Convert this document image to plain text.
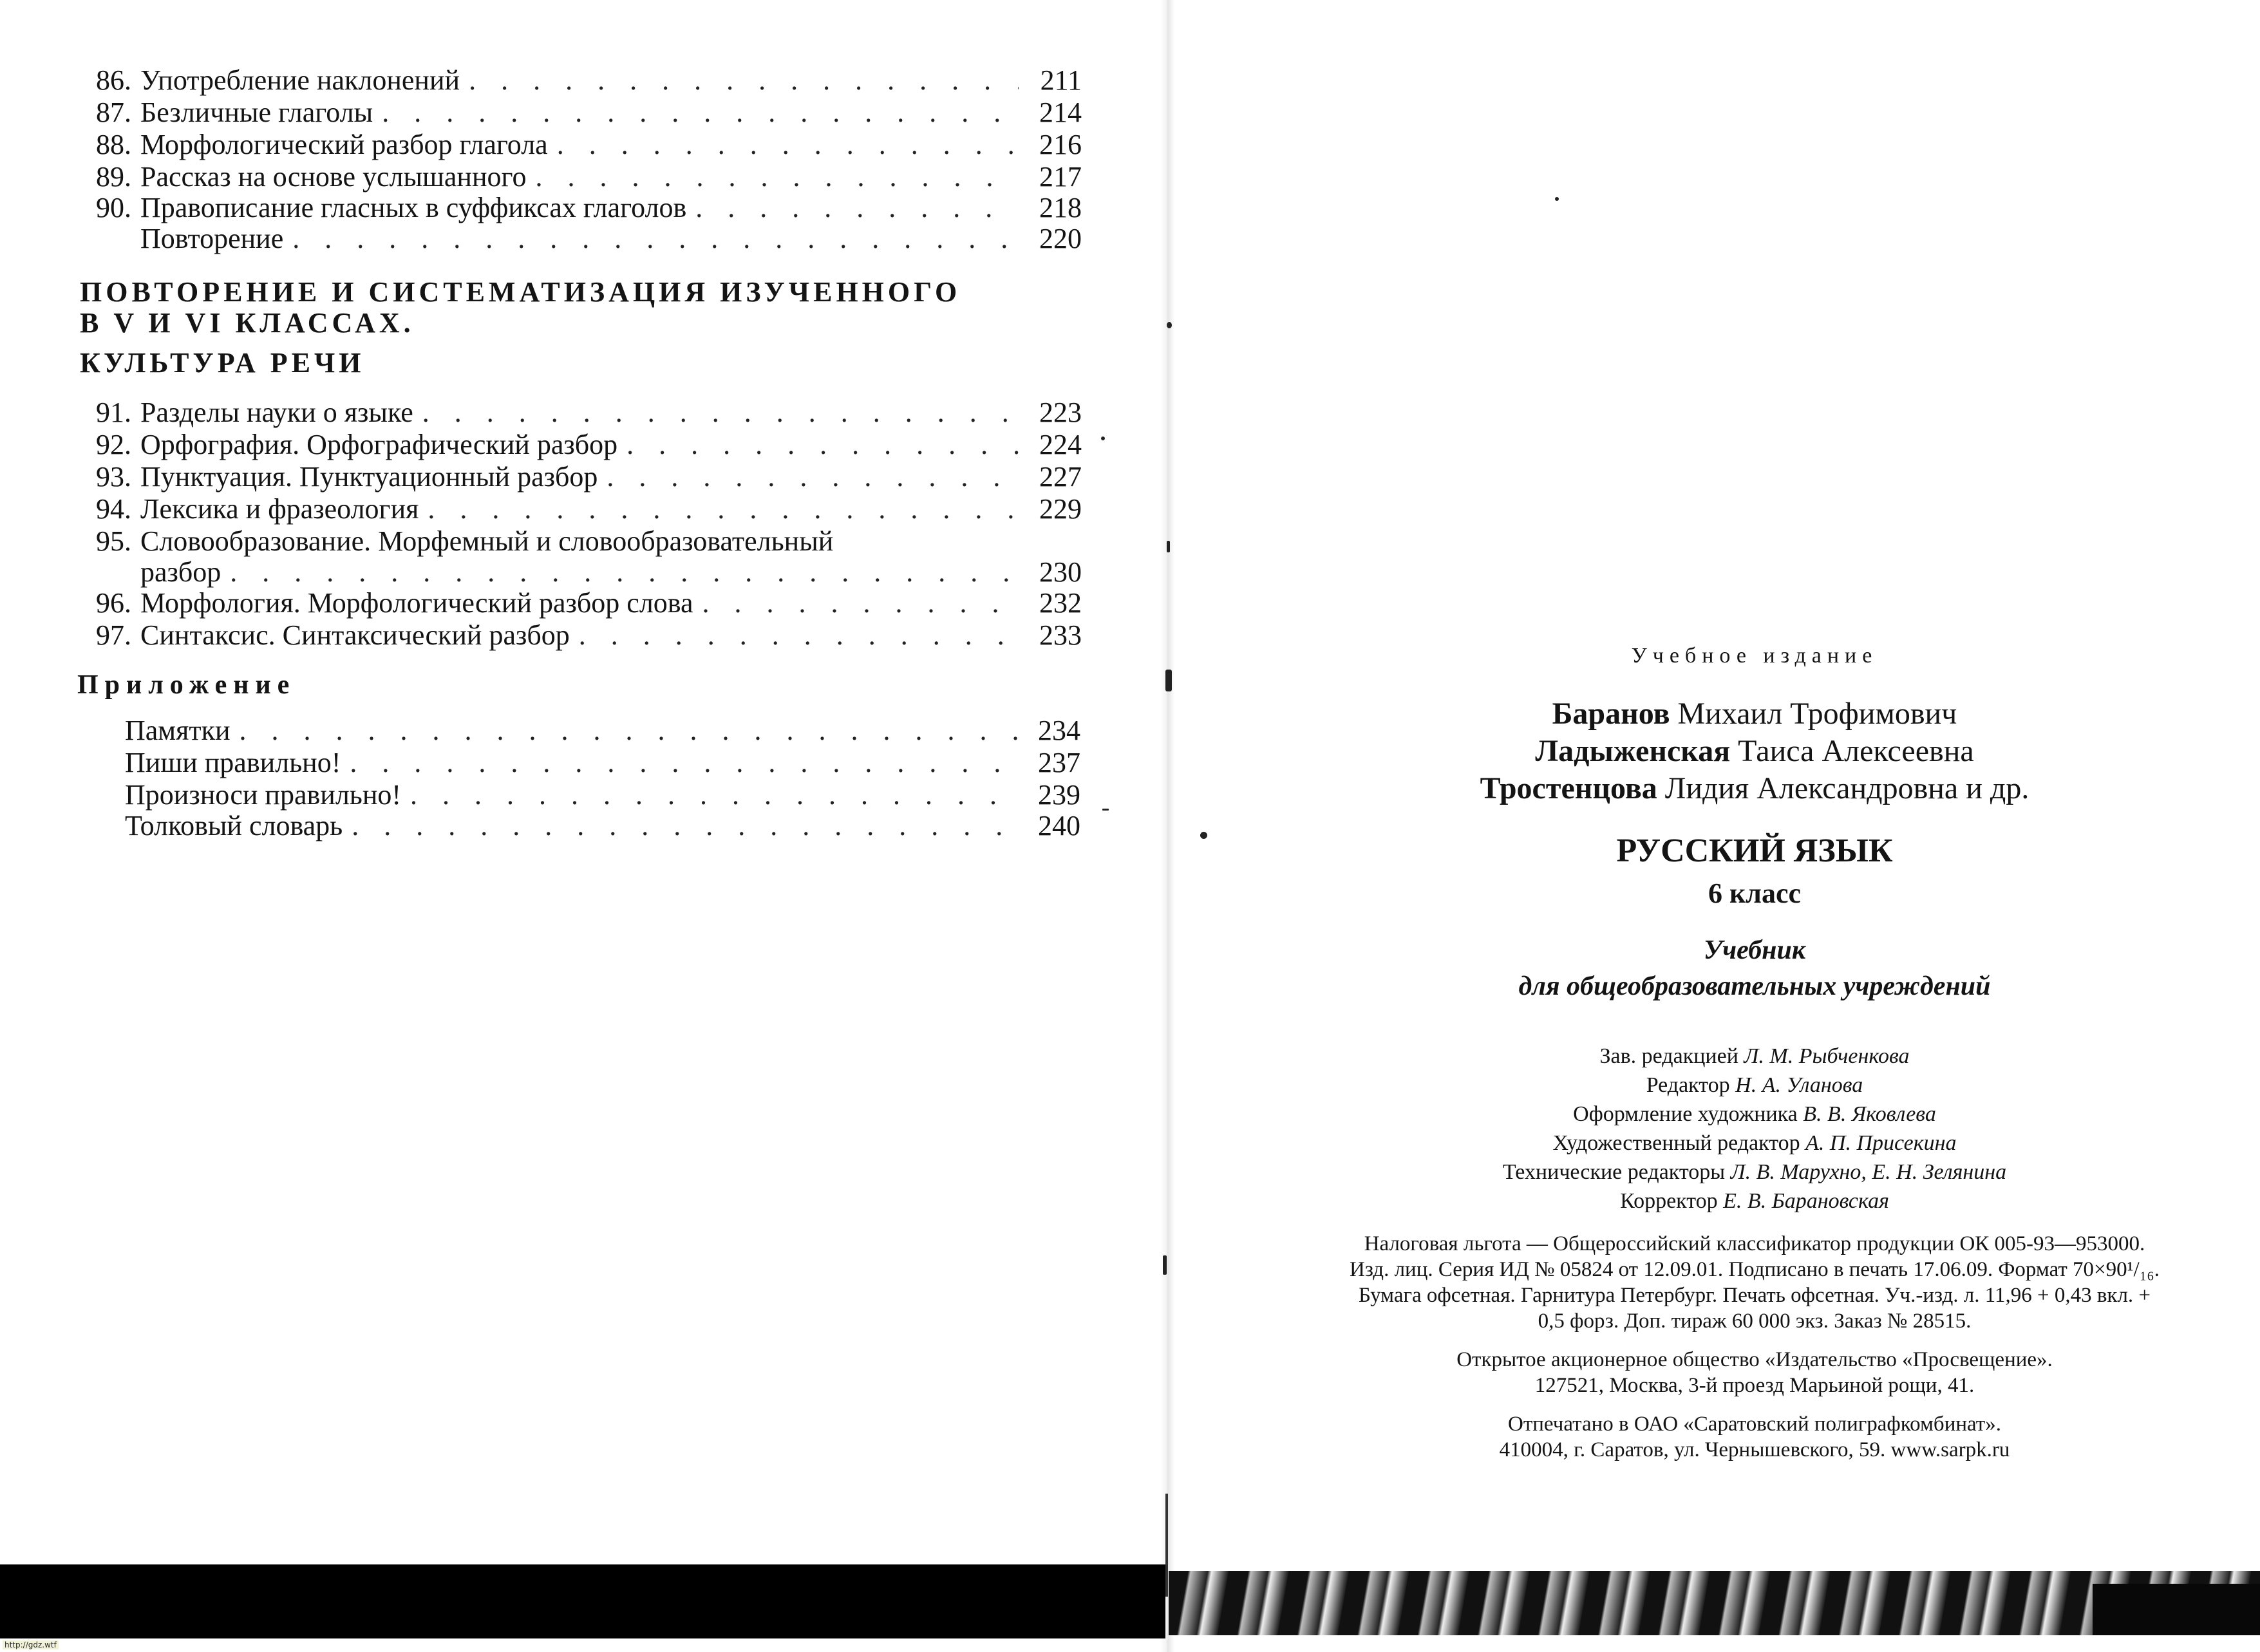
86. Употребление наклонений . . .	211
87. Безличные глаголы . . .	214
88. Морфологический разбор глагола . . .	216
89. Рассказ на основе услышанного . . .	217
90. Правописание гласных в суффиксах глаголов . . .	218
Повторение . . .	220
ПОВТОРЕНИЕ И СИСТЕМАТИЗАЦИЯ ИЗУЧЕННОГО
В V И VI КЛАССАХ.
КУЛЬТУРА РЕЧИ
91. Разделы науки о языке . . .	223
92. Орфография. Орфографический разбор . . .	224
93. Пунктуация. Пунктуационный разбор . . .	227
94. Лексика и фразеология . . .	229
95. Словообразование. Морфемный и словообразовательный
разбор . . .	230
96. Морфология. Морфологический разбор слова . . .	232
97. Синтаксис. Синтаксический разбор . . .	233
Приложение
Памятки . . .	234
Пиши правильно! . . .	237
Произноси правильно! . . .	239
Толковый словарь . . .	240
Учебное издание
Баранов Михаил Трофимович
Ладыженская Таиса Алексеевна
Тростенцова Лидия Александровна и др.
РУССКИЙ ЯЗЫК
6 класс
Учебник
для общеобразовательных учреждений
Зав. редакцией Л. М. Рыбченкова
Редактор Н. А. Уланова
Оформление художника В. В. Яковлева
Художественный редактор А. П. Присекина
Технические редакторы Л. В. Марухно, Е. Н. Зелянина
Корректор Е. В. Барановская
Налоговая льгота — Общероссийский классификатор продукции ОК 005-93—953000.
Изд. лиц. Серия ИД № 05824 от 12.09.01. Подписано в печать 17.06.09. Формат 70×90¹/₁₆.
Бумага офсетная. Гарнитура Петербург. Печать офсетная. Уч.-изд. л. 11,96 + 0,43 вкл. +
0,5 форз. Доп. тираж 60 000 экз. Заказ № 28515.
Открытое акционерное общество «Издательство «Просвещение».
127521, Москва, 3-й проезд Марьиной рощи, 41.
Отпечатано в ОАО «Саратовский полиграфкомбинат».
410004, г. Саратов, ул. Чернышевского, 59. www.sarpk.ru
http://gdz.wtf
